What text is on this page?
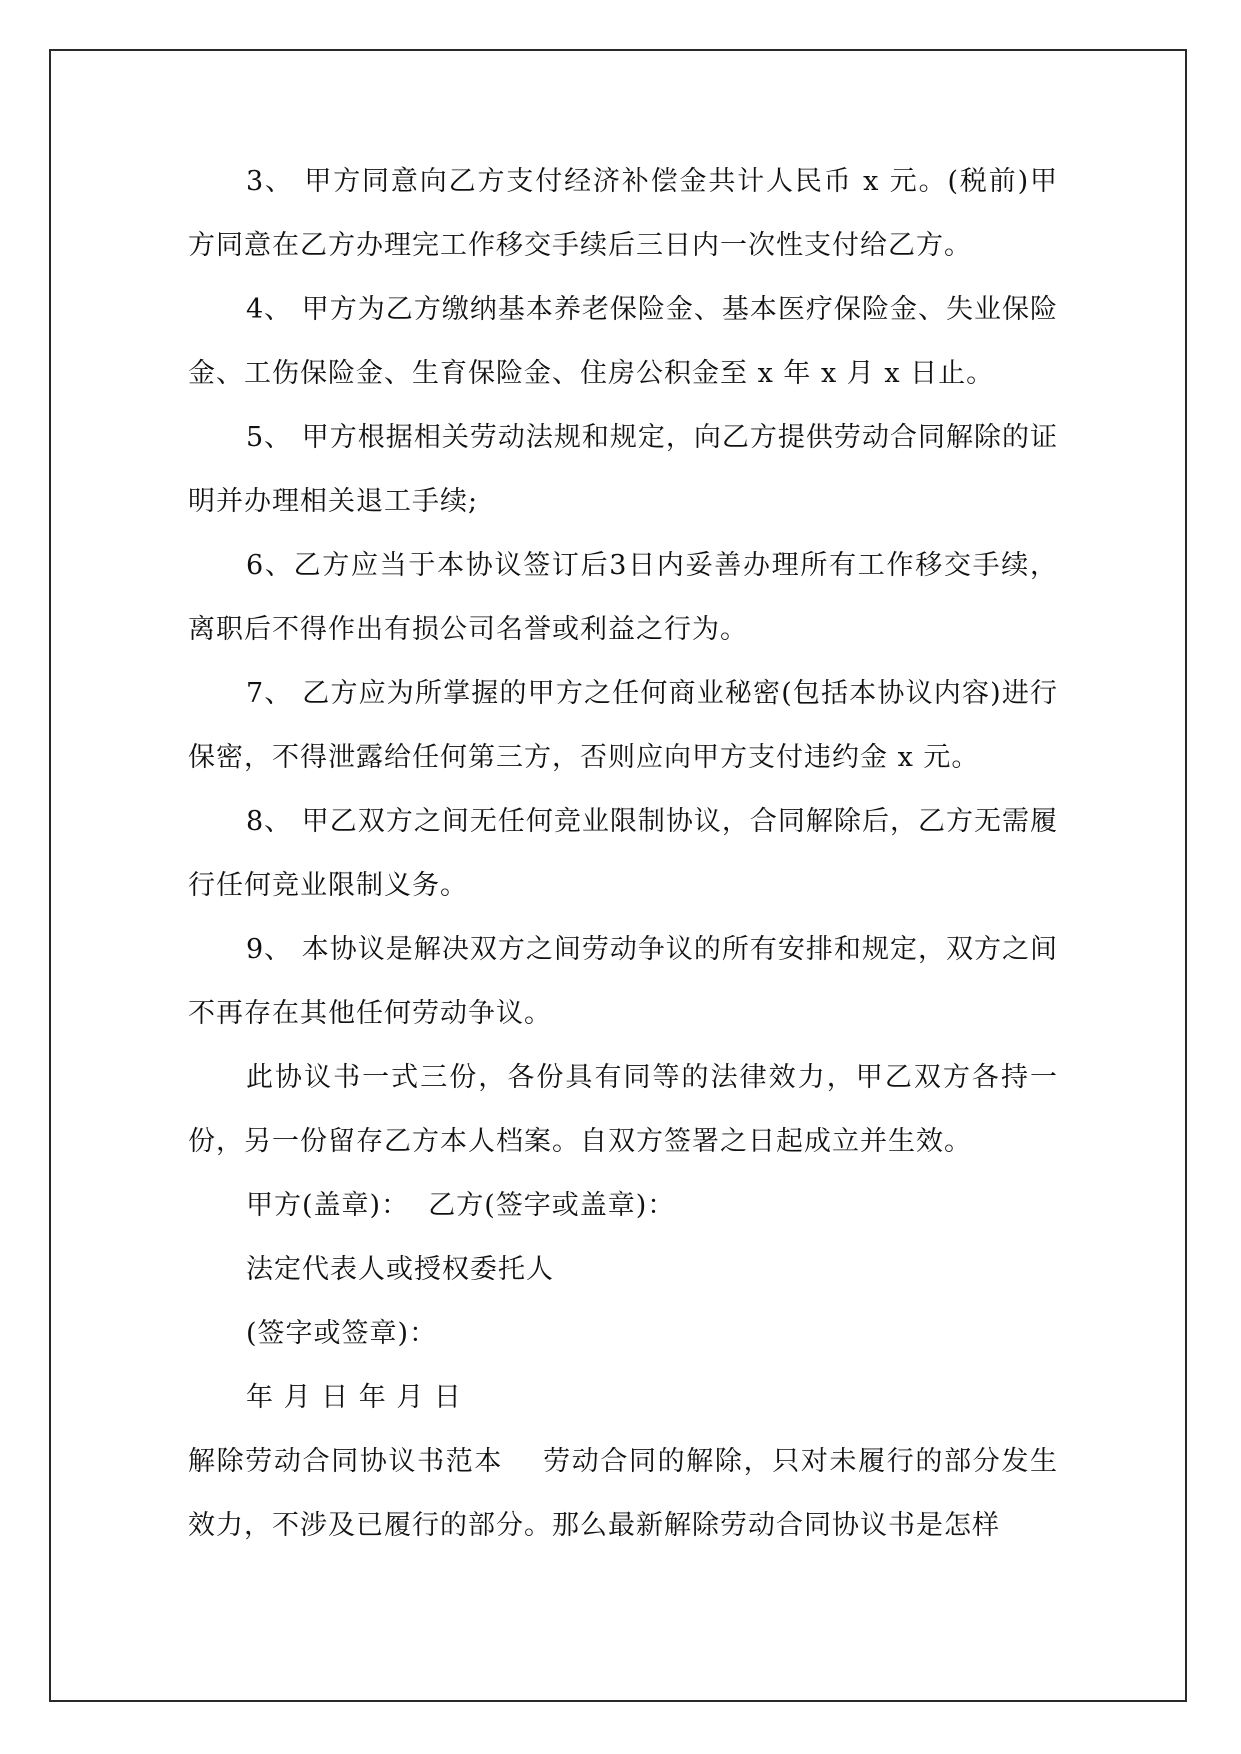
3、 甲方同意向乙方支付经济补偿金共计人民币 x 元。(税前)甲方同意在乙方办理完工作移交手续后三日内一次性支付给乙方。

4、 甲方为乙方缴纳基本养老保险金、基本医疗保险金、失业保险金、工伤保险金、生育保险金、住房公积金至 x 年 x 月 x 日止。

5、 甲方根据相关劳动法规和规定，向乙方提供劳动合同解除的证明并办理相关退工手续;

6、乙方应当于本协议签订后3日内妥善办理所有工作移交手续，离职后不得作出有损公司名誉或利益之行为。

7、 乙方应为所掌握的甲方之任何商业秘密(包括本协议内容)进行保密，不得泄露给任何第三方，否则应向甲方支付违约金 x 元。

8、 甲乙双方之间无任何竞业限制协议，合同解除后，乙方无需履行任何竞业限制义务。

9、 本协议是解决双方之间劳动争议的所有安排和规定，双方之间不再存在其他任何劳动争议。

此协议书一式三份，各份具有同等的法律效力，甲乙双方各持一份，另一份留存乙方本人档案。自双方签署之日起成立并生效。

甲方(盖章)：  乙方(签字或盖章)：

法定代表人或授权委托人

(签字或签章)：

年 月 日 年 月 日

解除劳动合同协议书范本 劳动合同的解除，只对未履行的部分发生效力，不涉及已履行的部分。那么最新解除劳动合同协议书是怎样
